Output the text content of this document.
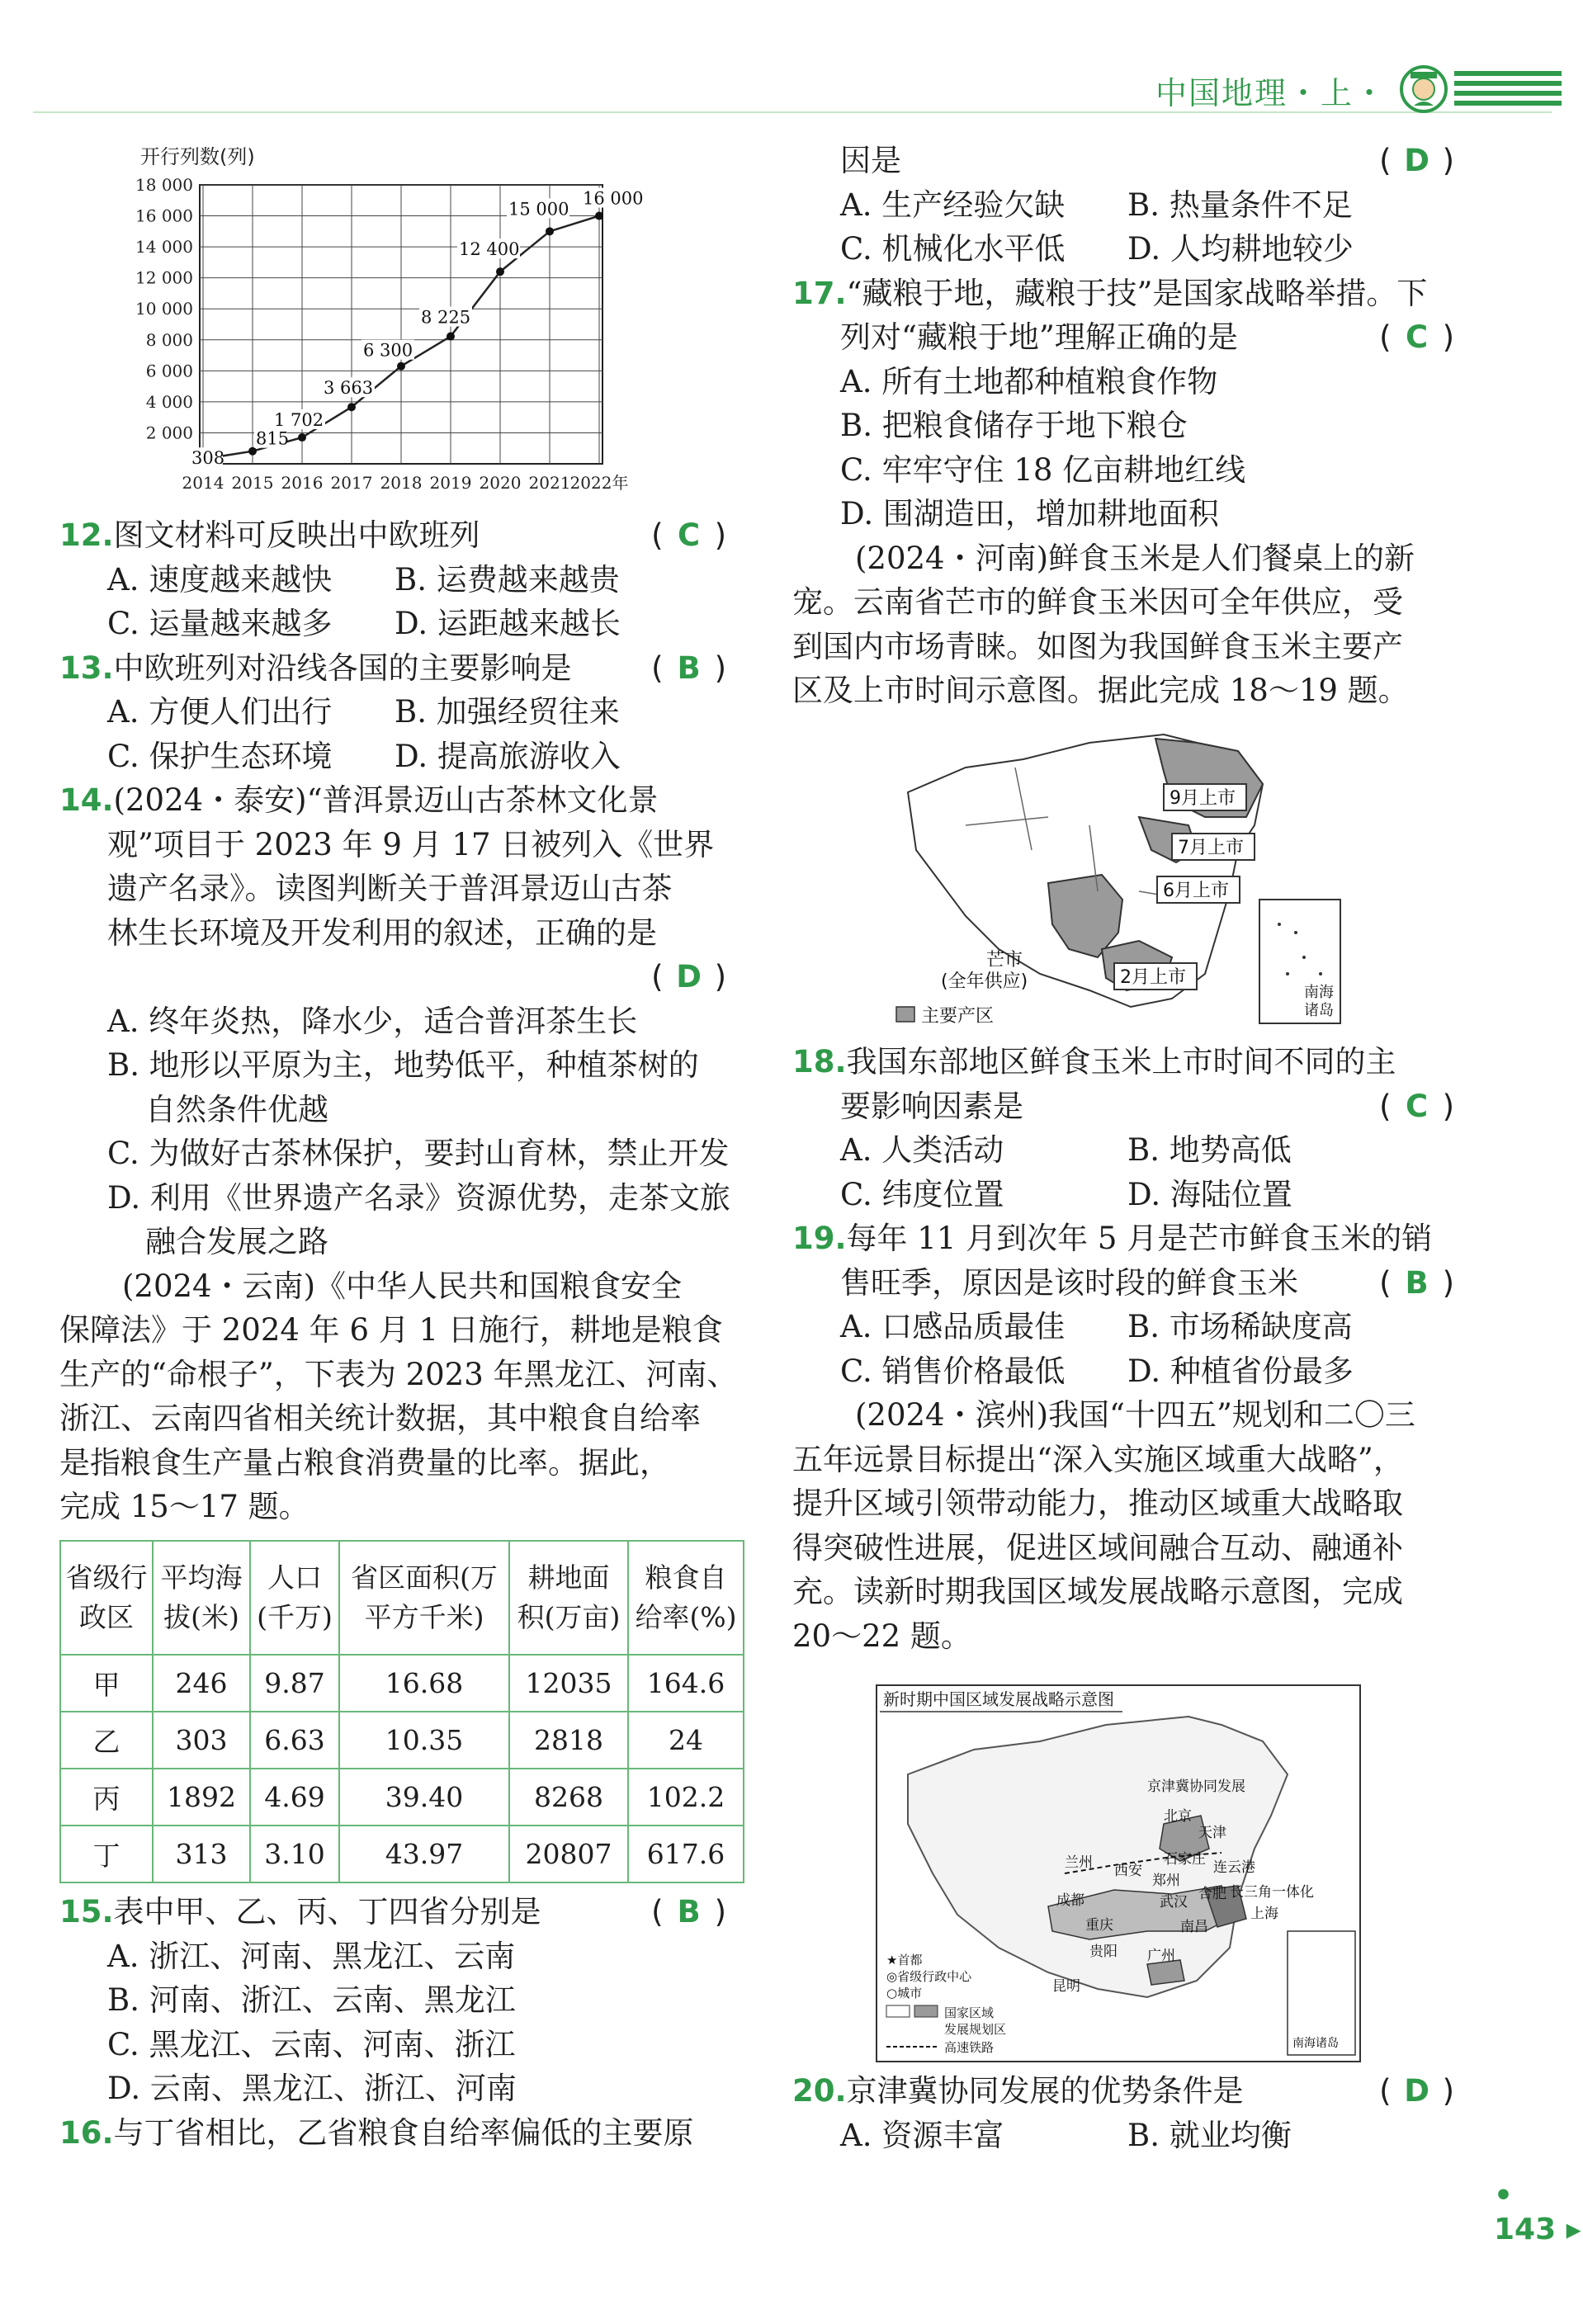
中国地理・上・
开行列数(列)
2 000
4 000
6 000
8 000
10 000
12 000
14 000
16 000
18 000
2014 2015 2016 2017 2018 2019 2020 2021 2022年
308
815
1 702
3 663
6 300
8 225
12 400
15 000
16 000
12.图文材料可反映出中欧班列	( C )
A. 速度越来越快	B. 运费越来越贵
C. 运量越来越多	D. 运距越来越长
13.中欧班列对沿线各国的主要影响是	( B )
A. 方便人们出行	B. 加强经贸往来
C. 保护生态环境	D. 提高旅游收入
14.(2024・泰安)“普洱景迈山古茶林文化景
观”项目于 2023 年 9 月 17 日被列入《世界
遗产名录》。读图判断关于普洱景迈山古茶
林生长环境及开发利用的叙述，正确的是

( D )
A. 终年炎热，降水少，适合普洱茶生长
B. 地形以平原为主，地势低平，种植茶树的
自然条件优越
C. 为做好古茶林保护，要封山育林，禁止开发
D. 利用《世界遗产名录》资源优势，走茶文旅
融合发展之路
(2024・云南)《中华人民共和国粮食安全
保障法》于 2024 年 6 月 1 日施行，耕地是粮食
生产的“命根子”，下表为 2023 年黑龙江、河南、
浙江、云南四省相关统计数据，其中粮食自给率
是指粮食生产量占粮食消费量的比率。据此，
完成 15～17 题。
省级行
政区	平均海
拔(米)	人口
(千万)	省区面积(万
平方千米)	耕地面
积(万亩)	粮食自
给率(%)
甲	246	9.87	16.68	12035	164.6
乙	303	6.63	10.35	2818	24
丙	1892	4.69	39.40	8268	102.2
丁	313	3.10	43.97	20807	617.6
15.表中甲、乙、丙、丁四省分别是	( B )
A. 浙江、河南、黑龙江、云南
B. 河南、浙江、云南、黑龙江
C. 黑龙江、云南、河南、浙江
D. 云南、黑龙江、浙江、河南
16.与丁省相比，乙省粮食自给率偏低的主要原
因是	( D )
A. 生产经验欠缺	B. 热量条件不足
C. 机械化水平低	D. 人均耕地较少
17.“藏粮于地，藏粮于技”是国家战略举措。下
列对“藏粮于地”理解正确的是	( C )
A. 所有土地都种植粮食作物
B. 把粮食储存于地下粮仓
C. 牢牢守住 18 亿亩耕地红线
D. 围湖造田，增加耕地面积
(2024・河南)鲜食玉米是人们餐桌上的新
宠。云南省芒市的鲜食玉米因可全年供应，受
到国内市场青睐。如图为我国鲜食玉米主要产
区及上市时间示意图。据此完成 18～19 题。
9月上市
7月上市
6月上市
2月上市
芒市
(全年供应)
主要产区
南海
诸岛
18.我国东部地区鲜食玉米上市时间不同的主
要影响因素是	( C )
A. 人类活动	B. 地势高低
C. 纬度位置	D. 海陆位置
19.每年 11 月到次年 5 月是芒市鲜食玉米的销
售旺季，原因是该时段的鲜食玉米	( B )
A. 口感品质最佳	B. 市场稀缺度高
C. 销售价格最低	D. 种植省份最多
(2024・滨州)我国“十四五”规划和二〇三
五年远景目标提出“深入实施区域重大战略”，
提升区域引领带动能力，推动区域重大战略取
得突破性进展，促进区域间融合互动、融通补
充。读新时期我国区域发展战略示意图，完成
20～22 题。
新时期中国区域发展战略示意图
京津冀协同发展
北京
天津
石家庄
兰州 西安
郑州
连云港
长三角一体化
上海
成都	武汉 合肥
重庆	南昌
贵阳
昆明
广州
★首都
◎省级行政中心
○城市
国家区域
发展规划区
高速铁路	南海诸岛
20.京津冀协同发展的优势条件是	( D )
A. 资源丰富	B. 就业均衡
• 143 ▸
